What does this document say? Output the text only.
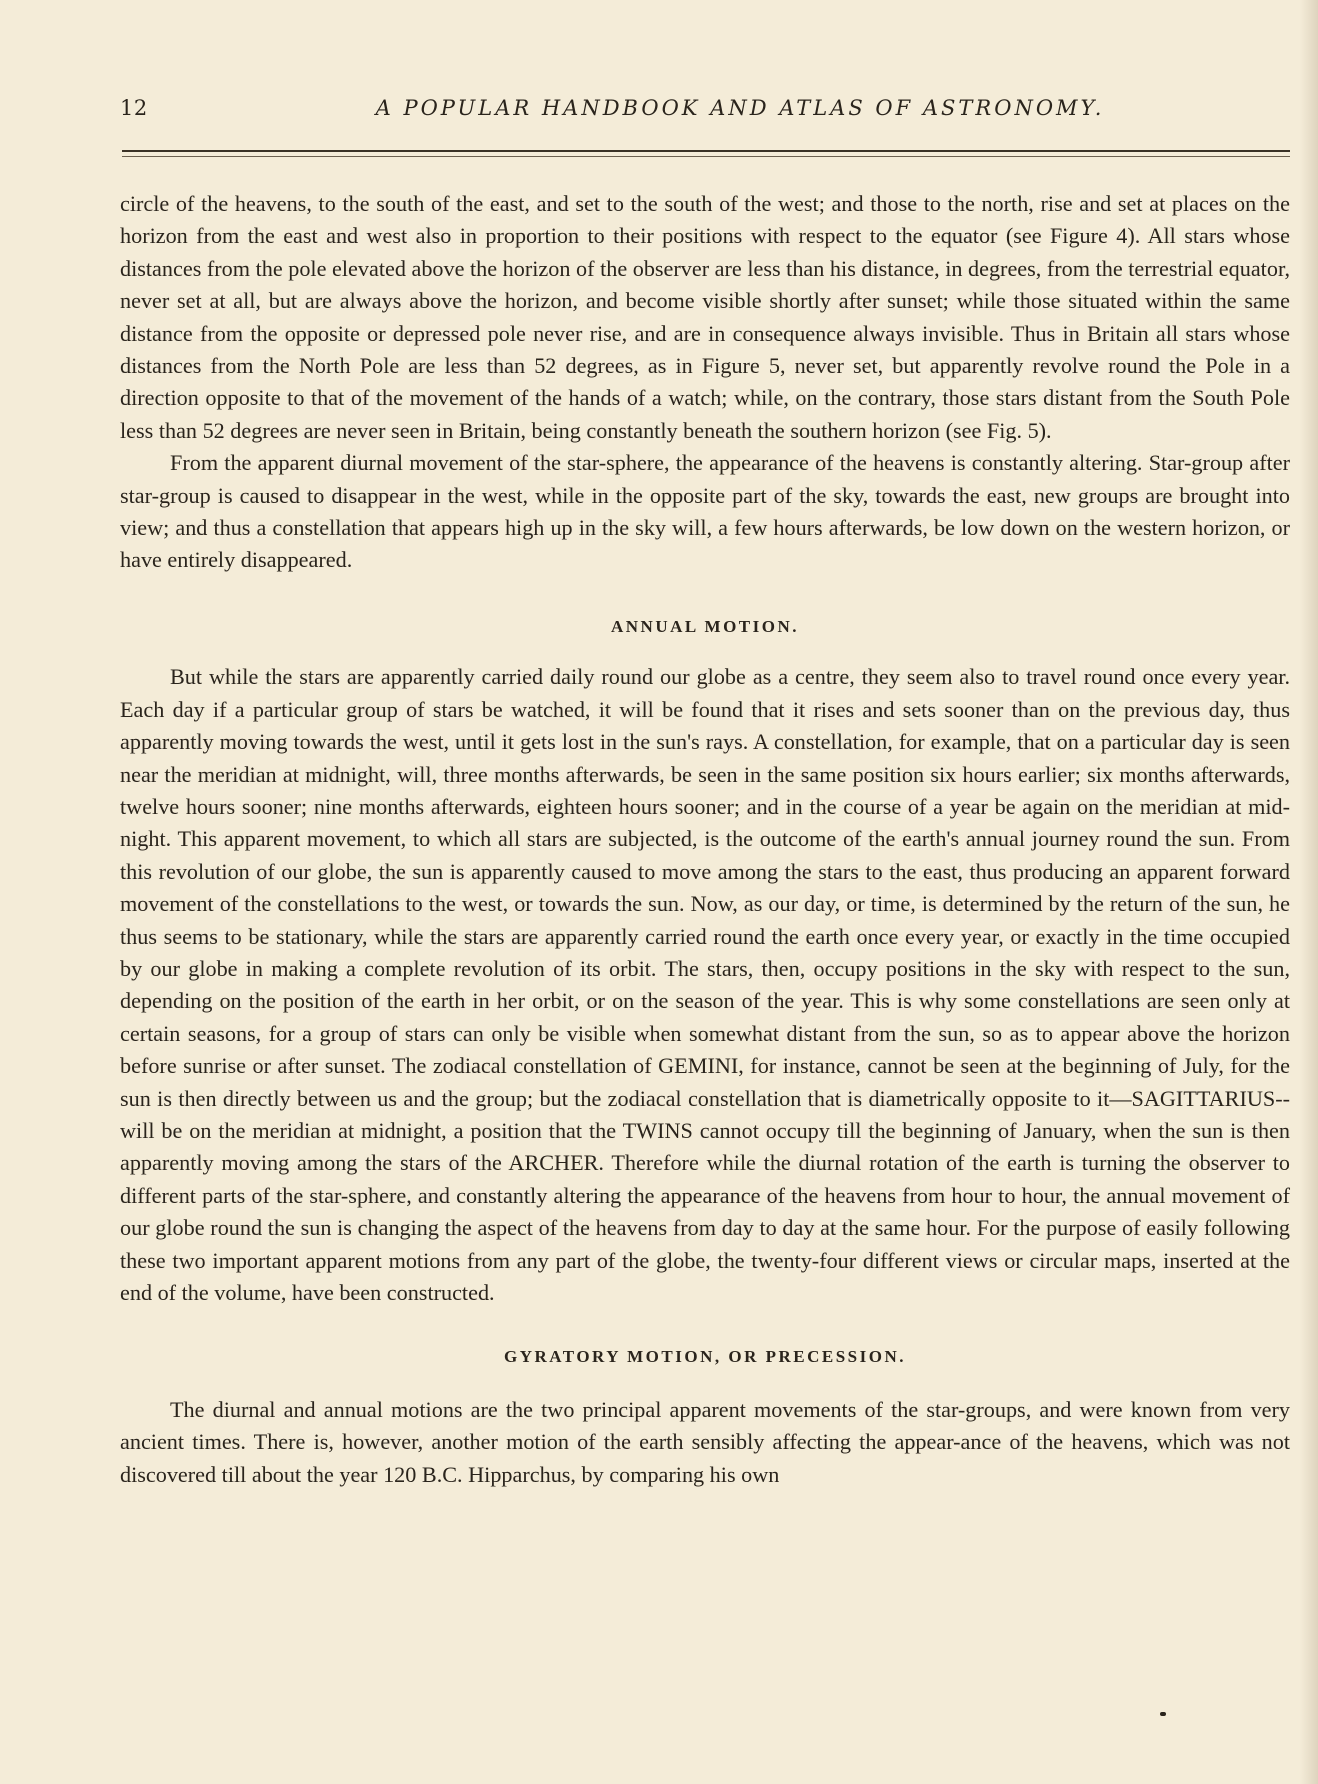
12	A POPULAR HANDBOOK AND ATLAS OF ASTRONOMY.

circle of the heavens, to the south of the east, and set to the south of the west; and those to the north, rise and set at places on the horizon from the east and west also in proportion to their positions with respect to the equator (see Figure 4). All stars whose distances from the pole elevated above the horizon of the observer are less than his distance, in degrees, from the terrestrial equator, never set at all, but are always above the horizon, and become visible shortly after sunset; while those situated within the same distance from the opposite or depressed pole never rise, and are in consequence always invisible. Thus in Britain all stars whose distances from the North Pole are less than 52 degrees, as in Figure 5, never set, but apparently revolve round the Pole in a direction opposite to that of the movement of the hands of a watch; while, on the contrary, those stars distant from the South Pole less than 52 degrees are never seen in Britain, being constantly beneath the southern horizon (see Fig. 5).

From the apparent diurnal movement of the star-sphere, the appearance of the heavens is constantly altering. Star-group after star-group is caused to disappear in the west, while in the opposite part of the sky, towards the east, new groups are brought into view; and thus a constellation that appears high up in the sky will, a few hours afterwards, be low down on the western horizon, or have entirely disappeared.

ANNUAL MOTION.

But while the stars are apparently carried daily round our globe as a centre, they seem also to travel round once every year. Each day if a particular group of stars be watched, it will be found that it rises and sets sooner than on the previous day, thus apparently moving towards the west, until it gets lost in the sun's rays. A constellation, for example, that on a particular day is seen near the meridian at midnight, will, three months afterwards, be seen in the same position six hours earlier; six months afterwards, twelve hours sooner; nine months afterwards, eighteen hours sooner; and in the course of a year be again on the meridian at mid-night. This apparent movement, to which all stars are subjected, is the outcome of the earth's annual journey round the sun. From this revolution of our globe, the sun is apparently caused to move among the stars to the east, thus producing an apparent forward movement of the constellations to the west, or towards the sun. Now, as our day, or time, is determined by the return of the sun, he thus seems to be stationary, while the stars are apparently carried round the earth once every year, or exactly in the time occupied by our globe in making a complete revolution of its orbit. The stars, then, occupy positions in the sky with respect to the sun, depending on the position of the earth in her orbit, or on the season of the year. This is why some constellations are seen only at certain seasons, for a group of stars can only be visible when somewhat distant from the sun, so as to appear above the horizon before sunrise or after sunset. The zodiacal constellation of GEMINI, for instance, cannot be seen at the beginning of July, for the sun is then directly between us and the group; but the zodiacal constellation that is diametrically opposite to it—SAGITTARIUS--will be on the meridian at midnight, a position that the TWINS cannot occupy till the beginning of January, when the sun is then apparently moving among the stars of the ARCHER. Therefore while the diurnal rotation of the earth is turning the observer to different parts of the star-sphere, and constantly altering the appearance of the heavens from hour to hour, the annual movement of our globe round the sun is changing the aspect of the heavens from day to day at the same hour. For the purpose of easily following these two important apparent motions from any part of the globe, the twenty-four different views or circular maps, inserted at the end of the volume, have been constructed.

GYRATORY MOTION, OR PRECESSION.

The diurnal and annual motions are the two principal apparent movements of the star-groups, and were known from very ancient times. There is, however, another motion of the earth sensibly affecting the appear-ance of the heavens, which was not discovered till about the year 120 B.C. Hipparchus, by comparing his own
